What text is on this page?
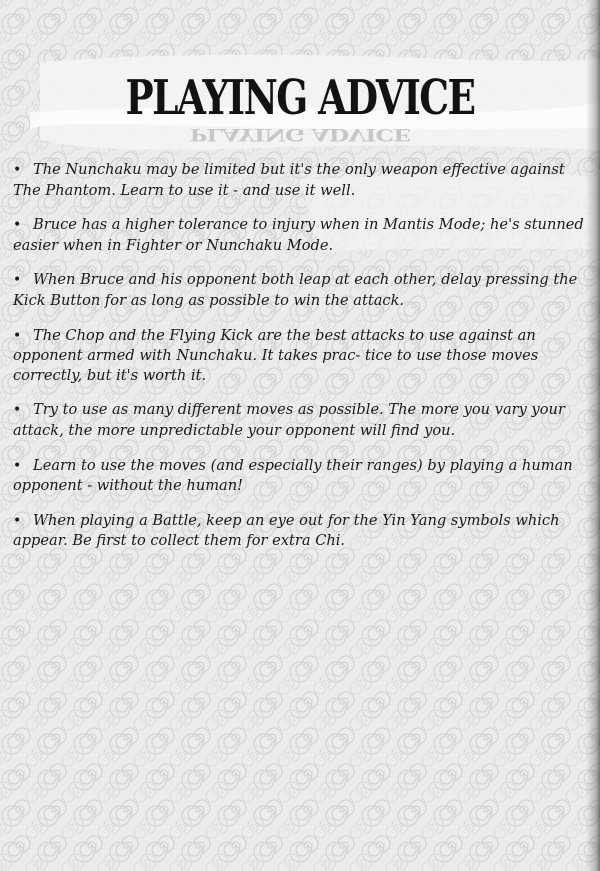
PLAYING ADVICE
PLAYING ADVICE
• The Nunchaku may be limited but it's the only weapon effective against The Phantom. Learn to use it - and use it well.
• Bruce has a higher tolerance to injury when in Mantis Mode; he's stunned easier when in Fighter or Nunchaku Mode.
• When Bruce and his opponent both leap at each other, delay pressing the Kick Button for as long as possible to win the attack.
• The Chop and the Flying Kick are the best attacks to use against an opponent armed with Nunchaku. It takes prac- tice to use those moves correctly, but it's worth it.
• Try to use as many different moves as possible. The more you vary your attack, the more unpredictable your opponent will find you.
• Learn to use the moves (and especially their ranges) by playing a human opponent - without the human!
• When playing a Battle, keep an eye out for the Yin Yang symbols which appear. Be first to collect them for extra Chi.
